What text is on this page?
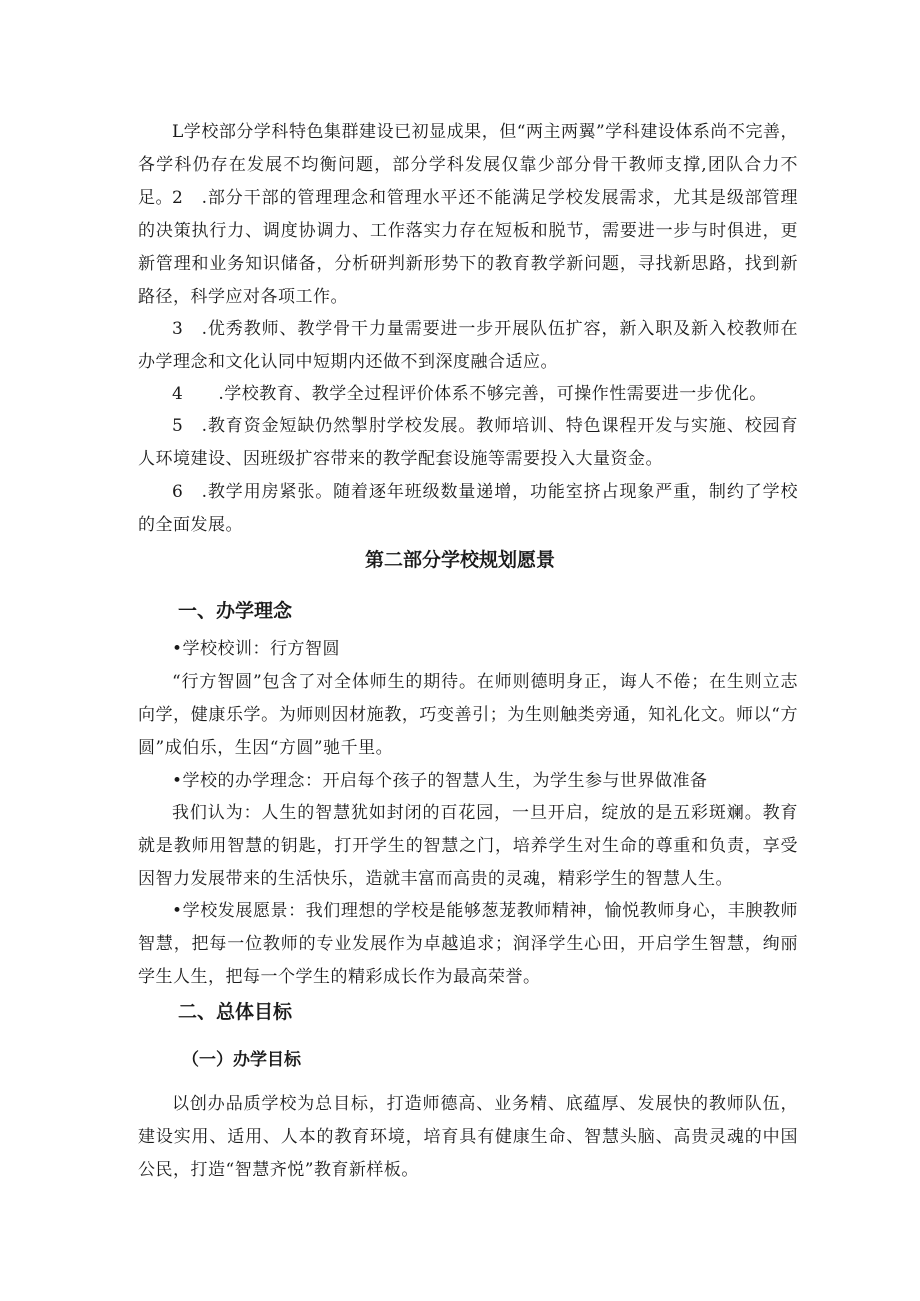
L学校部分学科特色集群建设已初显成果，但“两主两翼”学科建设体系尚不完善，各学科仍存在发展不均衡问题，部分学科发展仅靠少部分骨干教师支撑,团队合力不足。 2　.部分干部的管理理念和管理水平还不能满足学校发展需求，尤其是级部管理的决策执行力、调度协调力、工作落实力存在短板和脱节，需要进一步与时俱进，更新管理和业务知识储备，分析研判新形势下的教育教学新问题，寻找新思路，找到新路径，科学应对各项工作。

3　.优秀教师、教学骨干力量需要进一步开展队伍扩容，新入职及新入校教师在办学理念和文化认同中短期内还做不到深度融合适应。

4　　.学校教育、教学全过程评价体系不够完善，可操作性需要进一步优化。

5　.教育资金短缺仍然掣肘学校发展。教师培训、特色课程开发与实施、校园育人环境建设、因班级扩容带来的教学配套设施等需要投入大量资金。

6　.教学用房紧张。随着逐年班级数量递增，功能室挤占现象严重，制约了学校的全面发展。

第二部分学校规划愿景
一、办学理念

•学校校训：行方智圆

“行方智圆”包含了对全体师生的期待。在师则德明身正，诲人不倦；在生则立志向学，健康乐学。为师则因材施教，巧变善引；为生则触类旁通，知礼化文。师以“方圆”成伯乐，生因“方圆”驰千里。

•学校的办学理念：开启每个孩子的智慧人生，为学生参与世界做准备

我们认为：人生的智慧犹如封闭的百花园，一旦开启，绽放的是五彩斑斓。教育就是教师用智慧的钥匙，打开学生的智慧之门，培养学生对生命的尊重和负责，享受因智力发展带来的生活快乐，造就丰富而高贵的灵魂，精彩学生的智慧人生。

•学校发展愿景：我们理想的学校是能够葱茏教师精神，愉悦教师身心，丰腴教师智慧，把每一位教师的专业发展作为卓越追求；润泽学生心田，开启学生智慧，绚丽学生人生，把每一个学生的精彩成长作为最高荣誉。

二、总体目标
（一）办学目标

以创办品质学校为总目标，打造师德高、业务精、底蕴厚、发展快的教师队伍，建设实用、适用、人本的教育环境，培育具有健康生命、智慧头脑、高贵灵魂的中国公民，打造“智慧齐悦”教育新样板。
